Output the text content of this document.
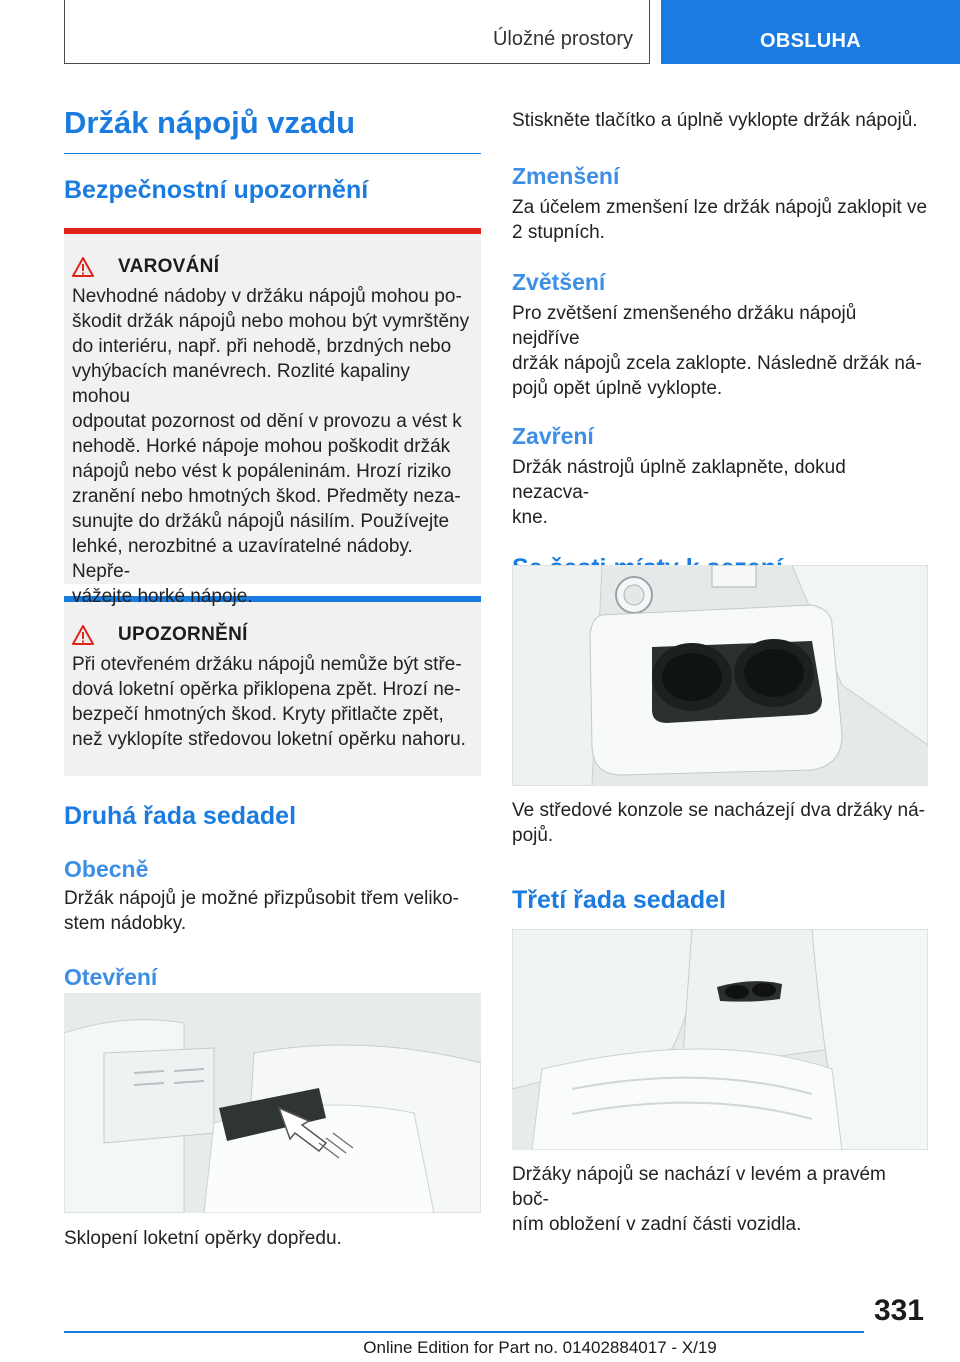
Úložné prostory	OBSLUHA
Držák nápojů vzadu
Bezpečnostní upozornění
VAROVÁNÍ

Nevhodné nádoby v držáku nápojů mohou po-
škodit držák nápojů nebo mohou být vymrštěny
do interiéru, např. při nehodě, brzdných nebo
vyhýbacích manévrech. Rozlité kapaliny mohou
odpoutat pozornost od dění v provozu a vést k
nehodě. Horké nápoje mohou poškodit držák
nápojů nebo vést k popáleninám. Hrozí riziko
zranění nebo hmotných škod. Předměty neza-
sunujte do držáků nápojů násilím. Používejte
lehké, nerozbitné a uzavíratelné nádoby. Nepře-
vážejte horké nápoje.

UPOZORNĚNÍ

Při otevřeném držáku nápojů nemůže být stře-
dová loketní opěrka přiklopena zpět. Hrozí ne-
bezpečí hmotných škod. Kryty přitlačte zpět,
než vyklopíte středovou loketní opěrku nahoru.

Druhá řada sedadel
Obecně

Držák nápojů je možné přizpůsobit třem veliko-
stem nádobky.

Otevření

Sklopení loketní opěrky dopředu.

Stiskněte tlačítko a úplně vyklopte držák nápojů.

Zmenšení

Za účelem zmenšení lze držák nápojů zaklopit ve
2 stupních.

Zvětšení

Pro zvětšení zmenšeného držáku nápojů nejdříve
držák nápojů zcela zaklopte. Následně držák ná-
pojů opět úplně vyklopte.

Zavření

Držák nástrojů úplně zaklapněte, dokud nezacva-
kne.

Ve středové konzole se nacházejí dva držáky ná-
pojů.

Třetí řada sedadel

Držáky nápojů se nachází v levém a pravém boč-
ním obložení v zadní části vozidla.

331
Online Edition for Part no. 01402884017 - X/19
